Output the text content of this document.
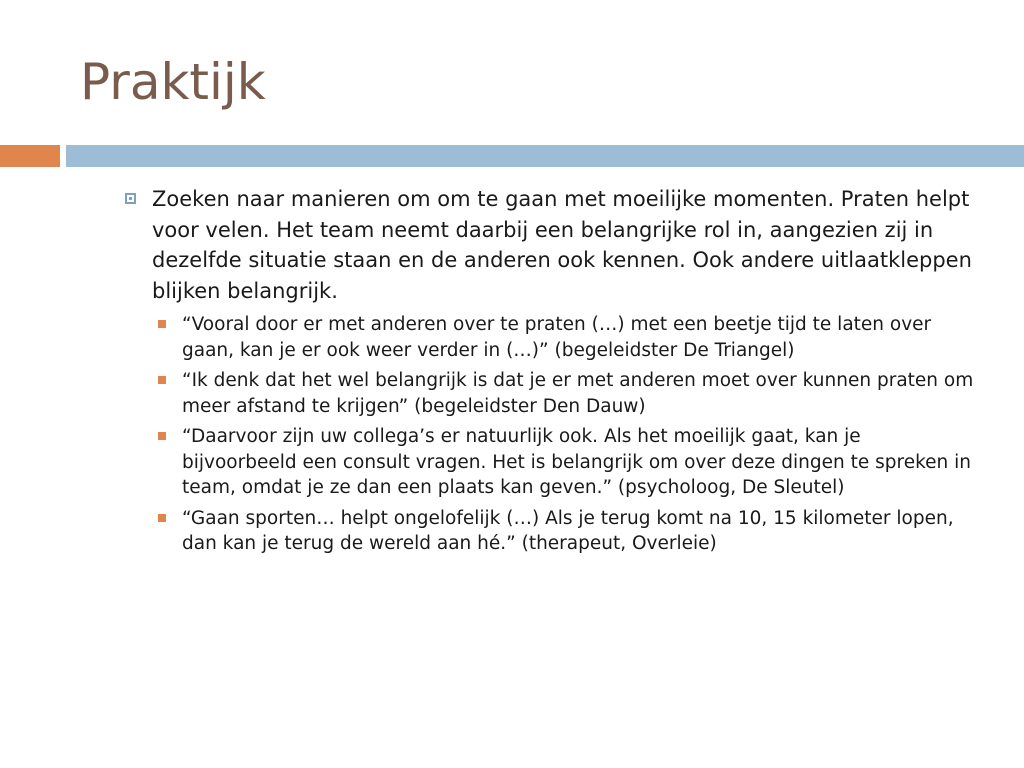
Praktijk
Zoeken naar manieren om om te gaan met moeilijke momenten. Praten helpt voor velen. Het team neemt daarbij een belangrijke rol in, aangezien zij in dezelfde situatie staan en de anderen ook kennen. Ook andere uitlaatkleppen blijken belangrijk.
“Vooral door er met anderen over te praten (…) met een beetje tijd te laten over gaan, kan je er ook weer verder in (…)” (begeleidster De Triangel)
“Ik denk dat het wel belangrijk is dat je er met anderen moet over kunnen praten om meer afstand te krijgen” (begeleidster Den Dauw)
“Daarvoor zijn uw collega’s er natuurlijk ook. Als het moeilijk gaat, kan je bijvoorbeeld een consult vragen. Het is belangrijk om over deze dingen te spreken in team, omdat je ze dan een plaats kan geven.” (psycholoog, De Sleutel)
“Gaan sporten… helpt ongelofelijk (…) Als je terug komt na 10, 15 kilometer lopen, dan kan je terug de wereld aan hé.” (therapeut, Overleie)
